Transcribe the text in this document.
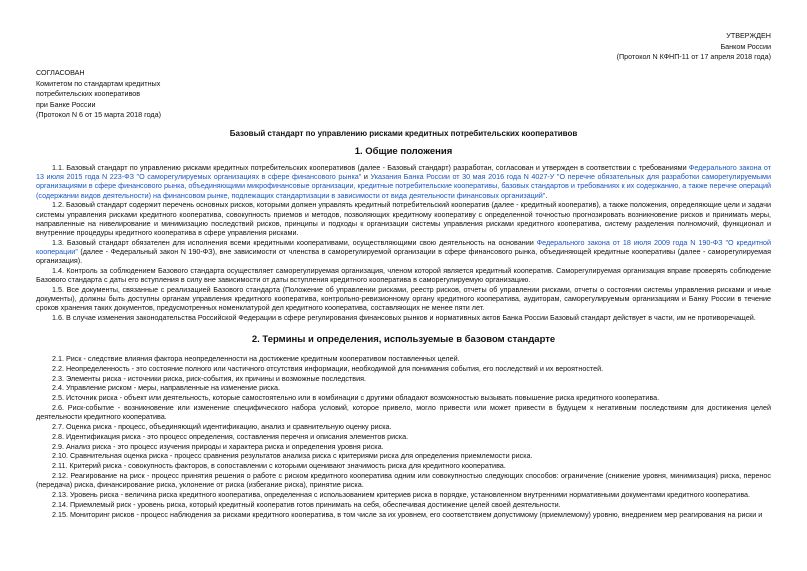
УТВЕРЖДЕН
Банком России
(Протокол N КФНП-11 от 17 апреля 2018 года)
СОГЛАСОВАН
Комитетом по стандартам кредитных
потребительских кооперативов
при Банке России
(Протокол N 6 от 15 марта 2018 года)
Базовый стандарт по управлению рисками кредитных потребительских кооперативов
1. Общие положения

1.1. Базовый стандарт по управлению рисками кредитных потребительских кооперативов (далее - Базовый стандарт) разработан, согласован и утвержден в соответствии с требованиями Федерального закона от 13 июля 2015 года N 223-ФЗ "О саморегулируемых организациях в сфере финансового рынка" и Указания Банка России от 30 мая 2016 года N 4027-У "О перечне обязательных для разработки саморегулируемыми организациями в сфере финансового рынка, объединяющими микрофинансовые организации, кредитные потребительские кооперативы, базовых стандартов и требованиях к их содержанию, а также перечне операций (содержании видов деятельности) на финансовом рынке, подлежащих стандартизации в зависимости от вида деятельности финансовых организаций".

1.2. Базовый стандарт содержит перечень основных рисков, которыми должен управлять кредитный потребительский кооператив (далее - кредитный кооператив), а также положения, определяющие цели и задачи системы управления рисками кредитного кооператива, совокупность приемов и методов, позволяющих кредитному кооперативу с определенной точностью прогнозировать возникновение рисков и принимать меры, направленные на нивелирование и минимизацию последствий рисков, принципы и подходы к организации системы управления рисками кредитного кооператива, систему разделения полномочий, функционал и внутренние процедуры кредитного кооператива в сфере управления рисками.

1.3. Базовый стандарт обязателен для исполнения всеми кредитными кооперативами, осуществляющими свою деятельность на основании Федерального закона от 18 июля 2009 года N 190-ФЗ "О кредитной кооперации" (далее - Федеральный закон N 190-ФЗ), вне зависимости от членства в саморегулируемой организации в сфере финансового рынка, объединяющей кредитные кооперативы (далее - саморегулируемая организация).

1.4. Контроль за соблюдением Базового стандарта осуществляет саморегулируемая организация, членом которой является кредитный кооператив. Саморегулируемая организация вправе проверять соблюдение Базового стандарта с даты его вступления в силу вне зависимости от даты вступления кредитного кооператива в саморегулируемую организацию.

1.5. Все документы, связанные с реализацией Базового стандарта (Положение об управлении рисками, реестр рисков, отчеты об управлении рисками, отчеты о состоянии системы управления рисками и иные документы), должны быть доступны органам управления кредитного кооператива, контрольно-ревизионному органу кредитного кооператива, аудиторам, саморегулируемым организациям и Банку России в течение сроков хранения таких документов, предусмотренных номенклатурой дел кредитного кооператива, составляющих не менее пяти лет.

1.6. В случае изменения законодательства Российской Федерации в сфере регулирования финансовых рынков и нормативных актов Банка России Базовый стандарт действует в части, им не противоречащей.

2. Термины и определения, используемые в базовом стандарте

2.1. Риск - следствие влияния фактора неопределенности на достижение кредитным кооперативом поставленных целей.

2.2. Неопределенность - это состояние полного или частичного отсутствия информации, необходимой для понимания события, его последствий и их вероятностей.

2.3. Элементы риска - источники риска, риск-события, их причины и возможные последствия.

2.4. Управление риском - меры, направленные на изменение риска.

2.5. Источник риска - объект или деятельность, которые самостоятельно или в комбинации с другими обладают возможностью вызывать повышение риска кредитного кооператива.

2.6. Риск-событие - возникновение или изменение специфического набора условий, которое привело, могло привести или может привести в будущем к негативным последствиям для достижения целей деятельности кредитного кооператива.

2.7. Оценка риска - процесс, объединяющий идентификацию, анализ и сравнительную оценку риска.

2.8. Идентификация риска - это процесс определения, составления перечня и описания элементов риска.

2.9. Анализ риска - это процесс изучения природы и характера риска и определения уровня риска.

2.10. Сравнительная оценка риска - процесс сравнения результатов анализа риска с критериями риска для определения приемлемости риска.

2.11. Критерий риска - совокупность факторов, в сопоставлении с которыми оценивают значимость риска для кредитного кооператива.

2.12. Реагирование на риск - процесс принятия решения о работе с риском кредитного кооператива одним или совокупностью следующих способов: ограничение (снижение уровня, минимизация) риска, перенос (передача) риска, финансирование риска, уклонение от риска (избегание риска), принятие риска.

2.13. Уровень риска - величина риска кредитного кооператива, определенная с использованием критериев риска в порядке, установленном внутренними нормативными документами кредитного кооператива.

2.14. Приемлемый риск - уровень риска, который кредитный кооператив готов принимать на себя, обеспечивая достижение целей своей деятельности.

2.15. Мониторинг рисков - процесс наблюдения за рисками кредитного кооператива, в том числе за их уровнем, его соответствием допустимому (приемлемому) уровню, внедрением мер реагирования на риски и
